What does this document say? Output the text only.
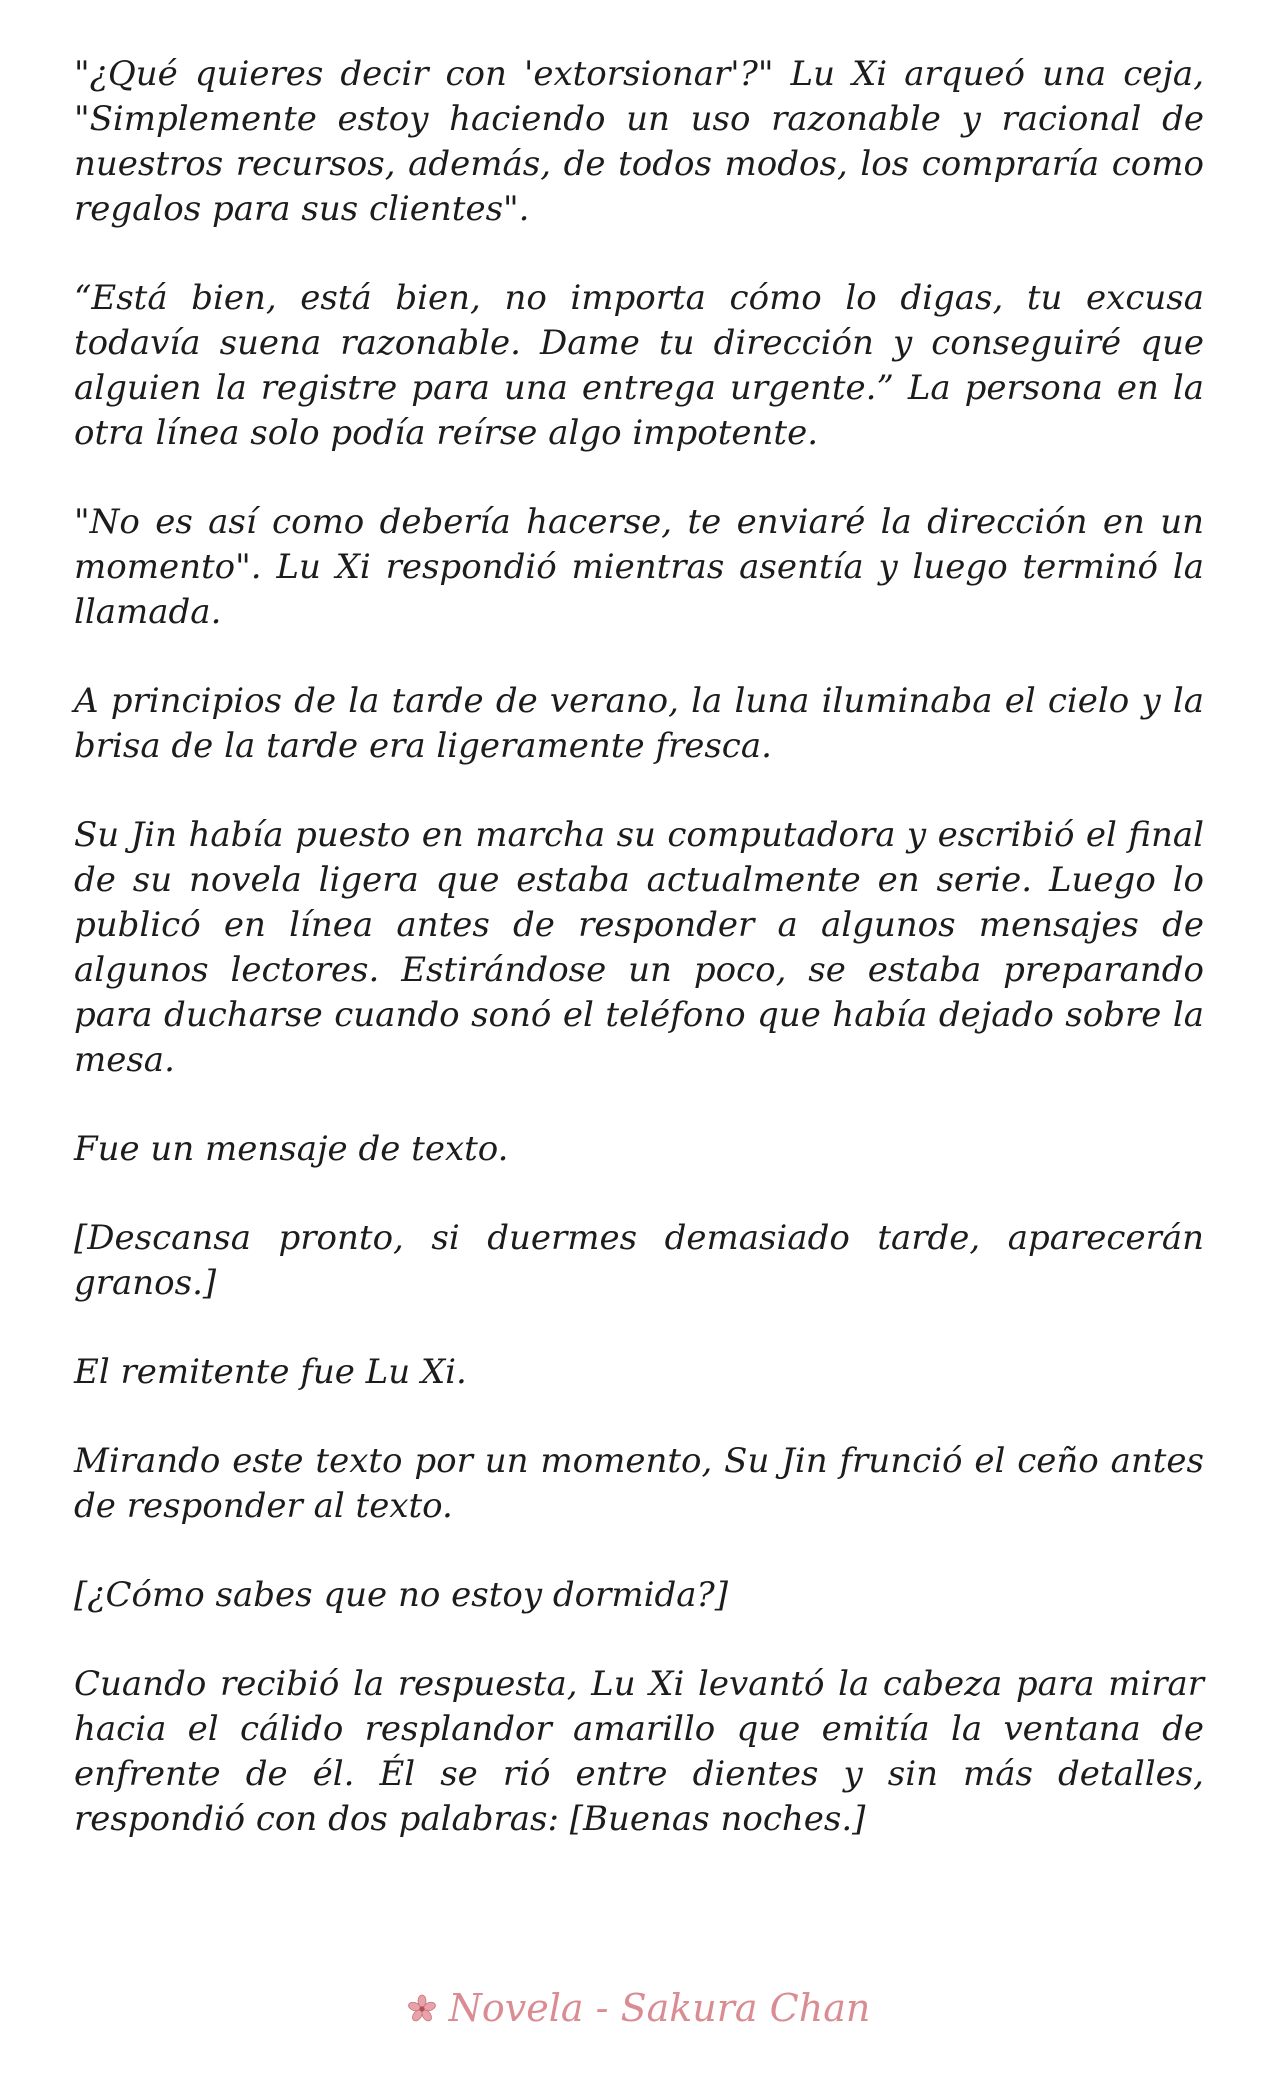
"¿Qué quieres decir con 'extorsionar'?" Lu Xi arqueó una ceja, "Simplemente estoy haciendo un uso razonable y racional de nuestros recursos, además, de todos modos, los compraría como regalos para sus clientes".

“Está bien, está bien, no importa cómo lo digas, tu excusa todavía suena razonable. Dame tu dirección y conseguiré que alguien la registre para una entrega urgente.” La persona en la otra línea solo podía reírse algo impotente.

"No es así como debería hacerse, te enviaré la dirección en un momento". Lu Xi respondió mientras asentía y luego terminó la llamada.

A principios de la tarde de verano, la luna iluminaba el cielo y la brisa de la tarde era ligeramente fresca.

Su Jin había puesto en marcha su computadora y escribió el final de su novela ligera que estaba actualmente en serie. Luego lo publicó en línea antes de responder a algunos mensajes de algunos lectores. Estirándose un poco, se estaba preparando para ducharse cuando sonó el teléfono que había dejado sobre la mesa.

Fue un mensaje de texto.

[Descansa pronto, si duermes demasiado tarde, aparecerán granos.]

El remitente fue Lu Xi.

Mirando este texto por un momento, Su Jin frunció el ceño antes de responder al texto.

[¿Cómo sabes que no estoy dormida?]

Cuando recibió la respuesta, Lu Xi levantó la cabeza para mirar hacia el cálido resplandor amarillo que emitía la ventana de enfrente de él. Él se rió entre dientes y sin más detalles, respondió con dos palabras: [Buenas noches.]

Novela - Sakura Chan
